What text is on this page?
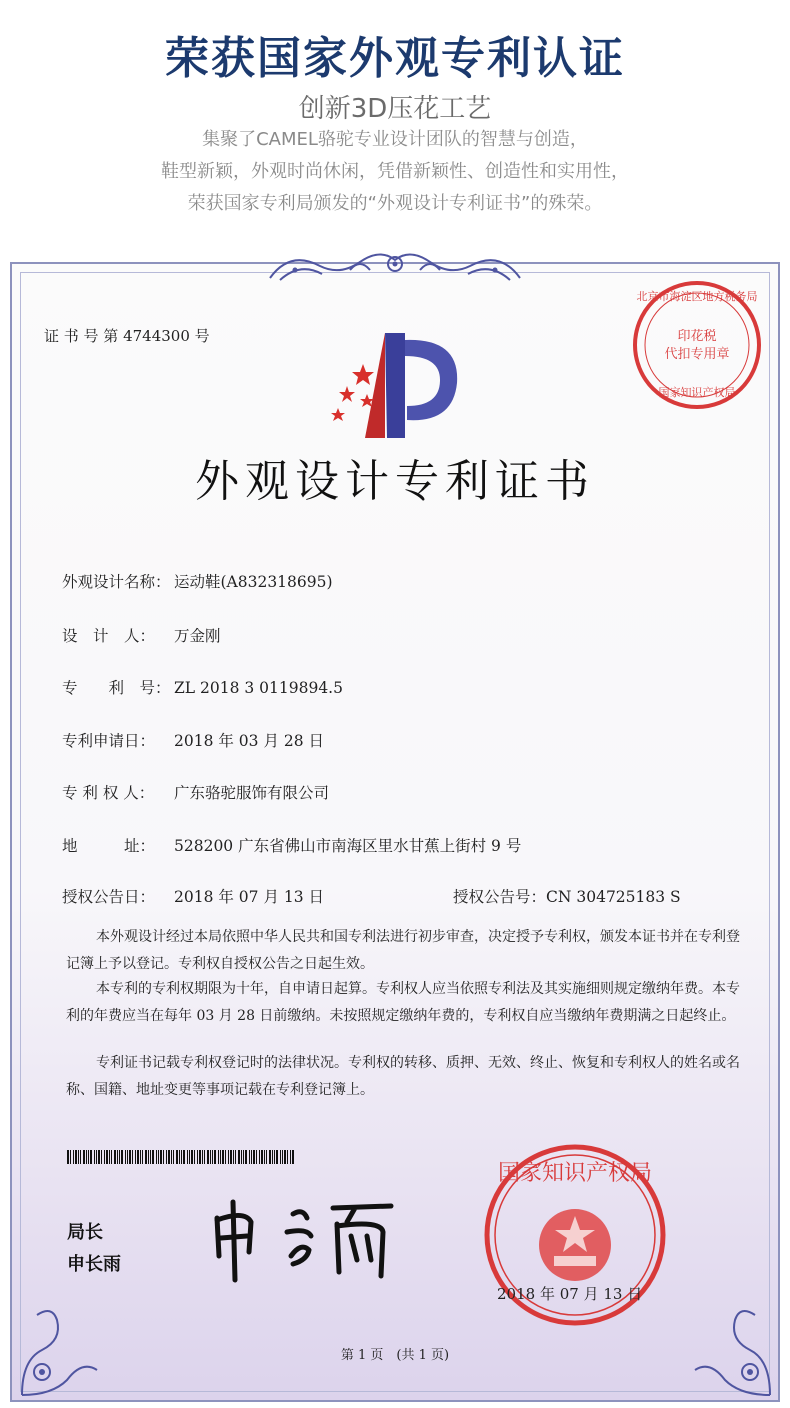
荣获国家外观专利认证
创新3D压花工艺
集聚了CAMEL骆驼专业设计团队的智慧与创造，
鞋型新颖，外观时尚休闲，凭借新颖性、创造性和实用性，
荣获国家专利局颁发的“外观设计专利证书”的殊荣。
证 书 号 第 4744300 号
北京市海淀区地方税务局
印花税
代扣专用章
国家知识产权局
外观设计专利证书
外观设计名称： 运动鞋(A832318695)
设　计　人： 万金刚
专　　利　号： ZL 2018 3 0119894.5
专利申请日： 2018 年 03 月 28 日
专 利 权 人： 广东骆驼服饰有限公司
地　　　址： 528200 广东省佛山市南海区里水甘蕉上街村 9 号
授权公告日： 2018 年 07 月 13 日	授权公告号：CN 304725183 S

本外观设计经过本局依照中华人民共和国专利法进行初步审查，决定授予专利权，颁发本证书并在专利登记簿上予以登记。专利权自授权公告之日起生效。

本专利的专利权期限为十年，自申请日起算。专利权人应当依照专利法及其实施细则规定缴纳年费。本专利的年费应当在每年 03 月 28 日前缴纳。未按照规定缴纳年费的，专利权自应当缴纳年费期满之日起终止。

专利证书记载专利权登记时的法律状况。专利权的转移、质押、无效、终止、恢复和专利权人的姓名或名称、国籍、地址变更等事项记载在专利登记簿上。

局长
申长雨
国家知识产权局
2018 年 07 月 13 日
第 1 页　(共 1 页)
